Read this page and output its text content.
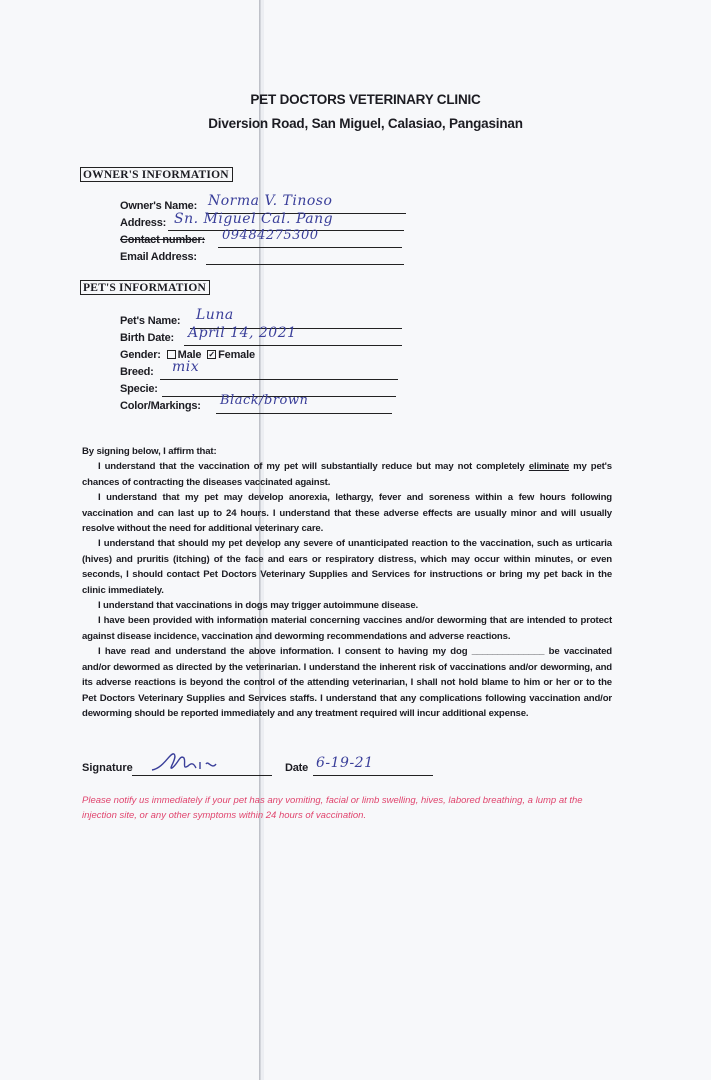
PET DOCTORS VETERINARY CLINIC
Diversion Road, San Miguel, Calasiao, Pangasinan
OWNER'S INFORMATION
Owner's Name: Norma V. Tinoso
Address: Sn. Miguel Cal. Pang
Contact number: 09484275300
Email Address:
PET'S INFORMATION
Pet's Name: Luna
Birth Date: April 14, 2021
Gender: Male ✓ Female
Breed: mix
Specie:
Color/Markings: Black/brown

By signing below, I affirm that:

I understand that the vaccination of my pet will substantially reduce but may not completely eliminate my pet's chances of contracting the diseases vaccinated against.

I understand that my pet may develop anorexia, lethargy, fever and soreness within a few hours following vaccination and can last up to 24 hours. I understand that these adverse effects are usually minor and will usually resolve without the need for additional veterinary care.

I understand that should my pet develop any severe of unanticipated reaction to the vaccination, such as urticaria (hives) and pruritis (itching) of the face and ears or respiratory distress, which may occur within minutes, or even seconds, I should contact Pet Doctors Veterinary Supplies and Services for instructions or bring my pet back in the clinic immediately.

I understand that vaccinations in dogs may trigger autoimmune disease.

I have been provided with information material concerning vaccines and/or deworming that are intended to protect against disease incidence, vaccination and deworming recommendations and adverse reactions.

I have read and understand the above information. I consent to having my dog ______________ be vaccinated and/or dewormed as directed by the veterinarian. I understand the inherent risk of vaccinations and/or deworming, and its adverse reactions is beyond the control of the attending veterinarian, I shall not hold blame to him or her or to the Pet Doctors Veterinary Supplies and Services staffs. I understand that any complications following vaccination and/or deworming should be reported immediately and any treatment required will incur additional expense.

Signature	Date 6-19-21
Please notify us immediately if your pet has any vomiting, facial or limb swelling, hives, labored breathing, a lump at the injection site, or any other symptoms within 24 hours of vaccination.
